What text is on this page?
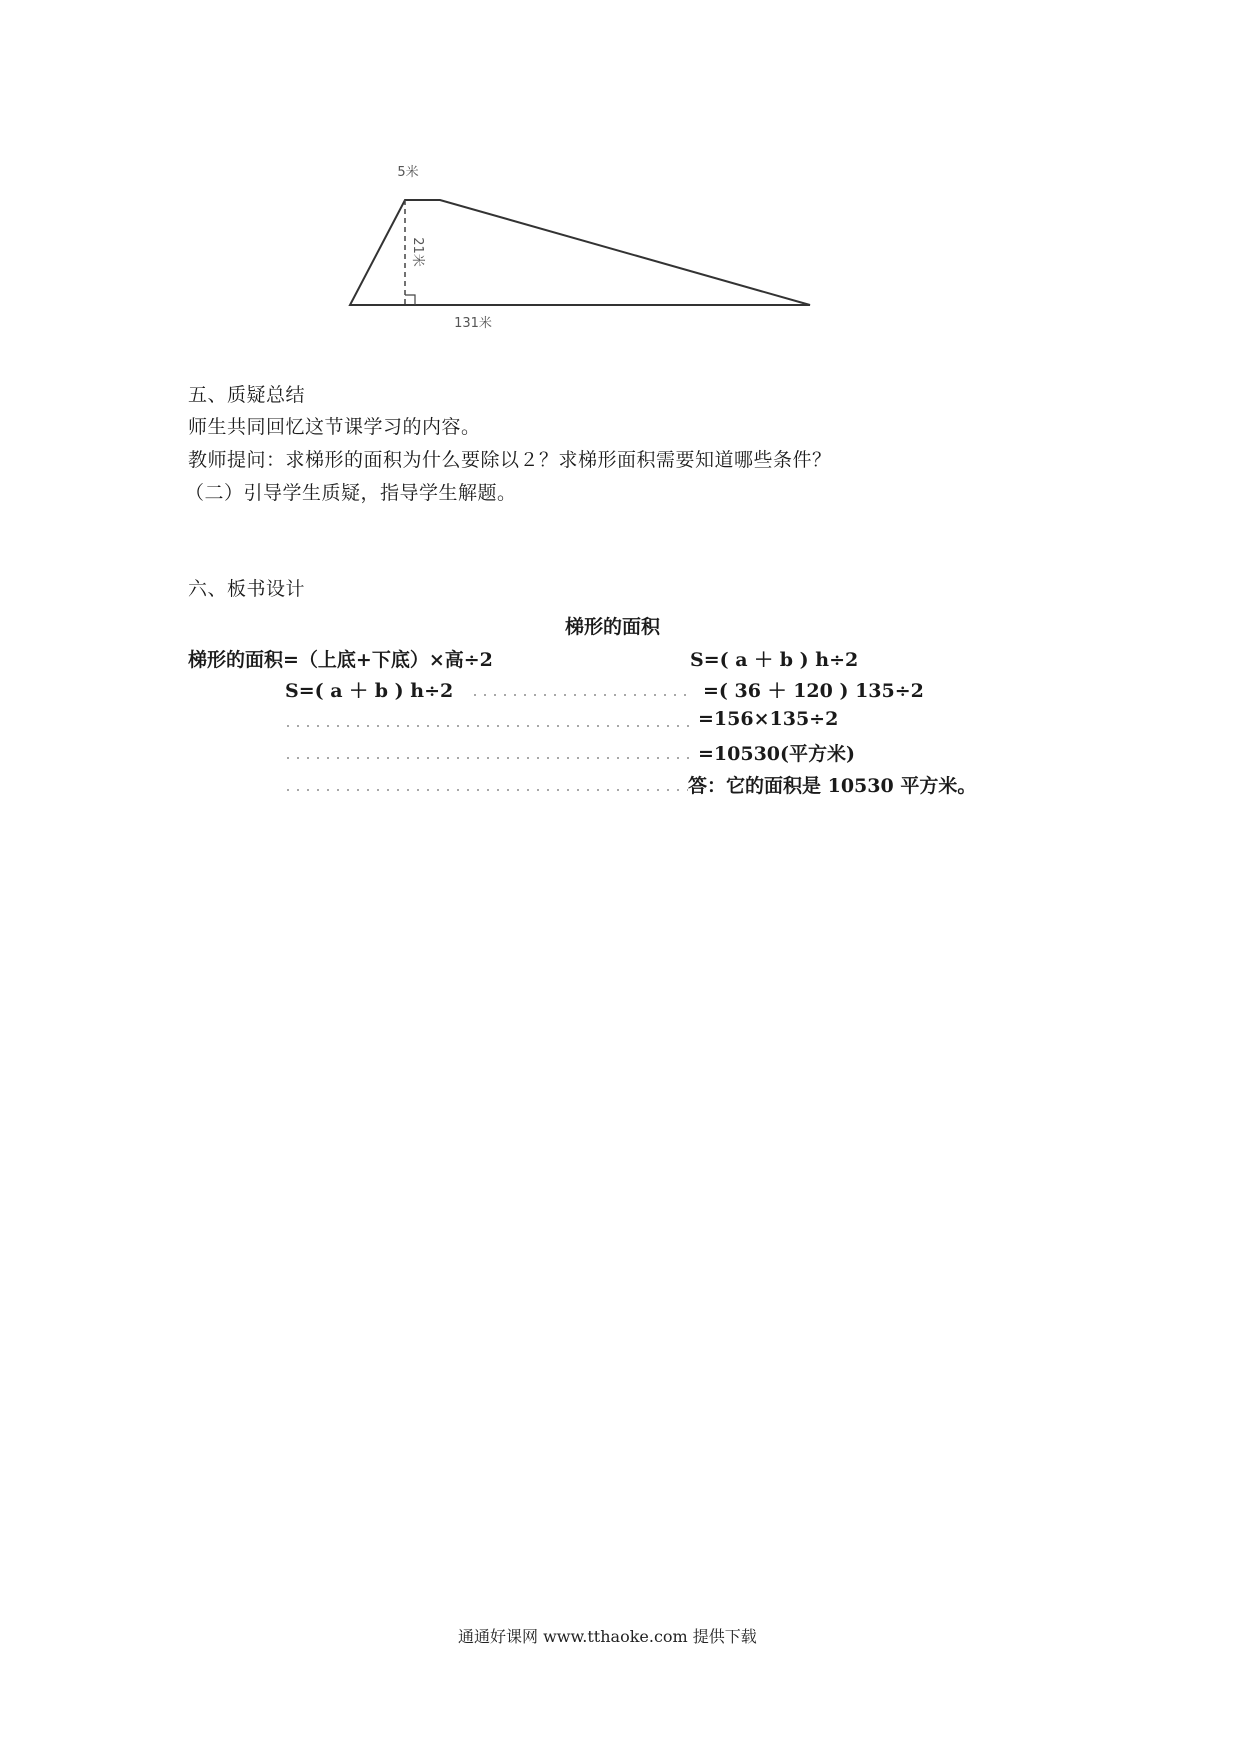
5米
21米
131米
五、质疑总结
师生共同回忆这节课学习的内容。
教师提问：求梯形的面积为什么要除以２？求梯形面积需要知道哪些条件？
（二）引导学生质疑，指导学生解题。
六、板书设计
梯形的面积
梯形的面积=（上底+下底）×高÷2	S=( a ＋ b ) h÷2
S=( a ＋ b ) h÷2	=( 36 ＋ 120 ) 135÷2
=156×135÷2
=10530(平方米)
答：它的面积是 10530 平方米。
通通好课网 www.tthaoke.com 提供下载
